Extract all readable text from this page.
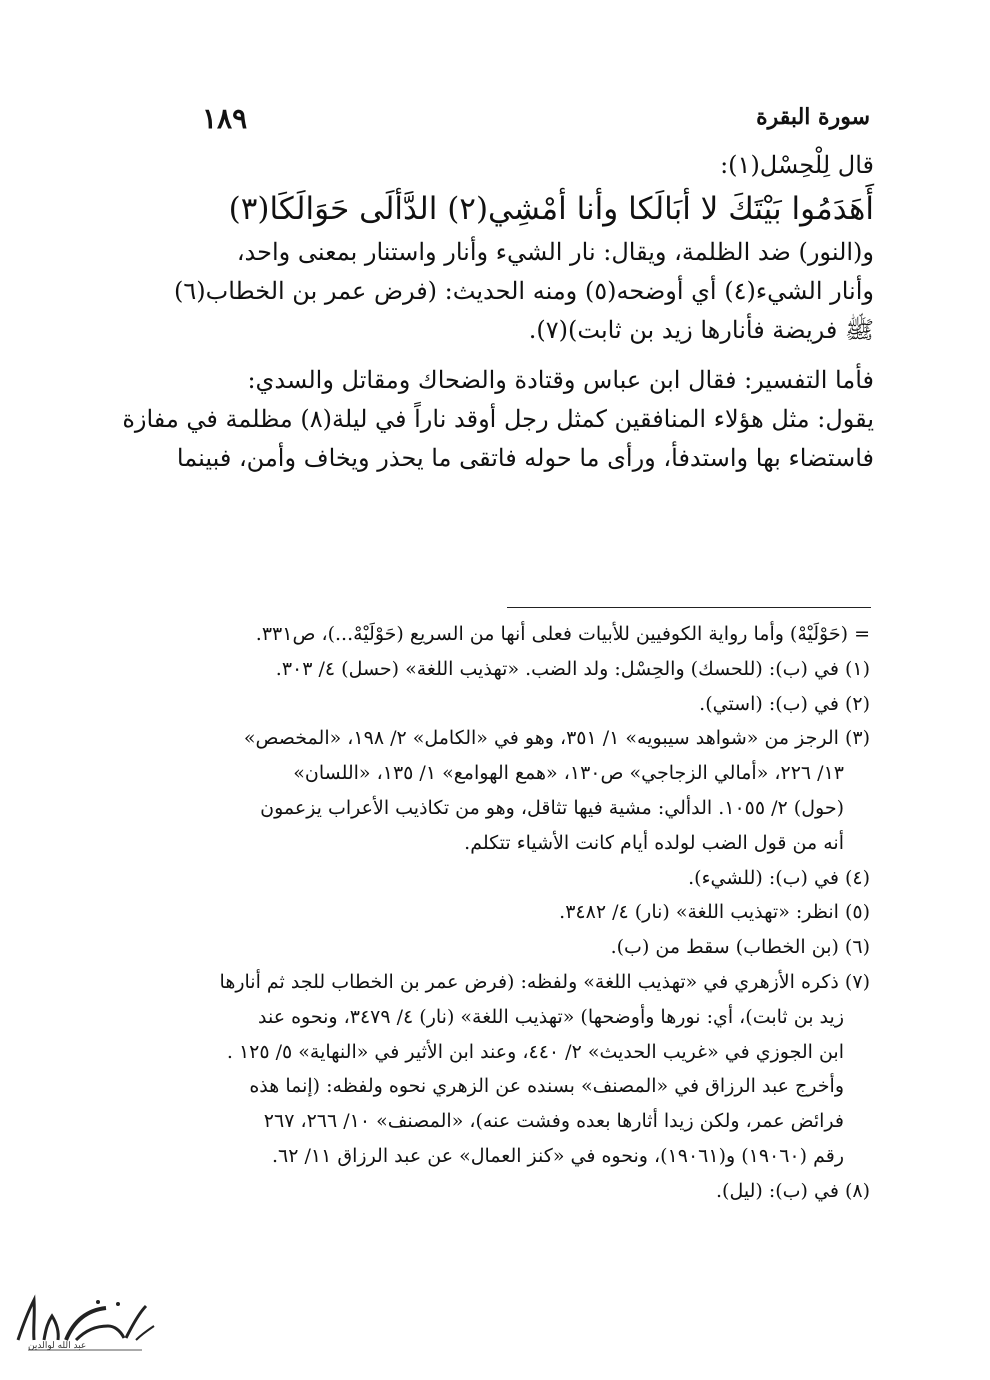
سورة البقرة
١٨٩
قال لِلْحِسْل(١):
أَهَدَمُوا بَيْتَكَ لا أبَالَكا وأنا أمْشِي(٢) الدَّألَى حَوَالَكَا(٣)
و(النور) ضد الظلمة، ويقال: نار الشيء وأنار واستنار بمعنى واحد،
وأنار الشيء(٤) أي أوضحه(٥) ومنه الحديث: (فرض عمر بن الخطاب(٦)
ﷺ فريضة فأنارها زيد بن ثابت)(٧).
فأما التفسير: فقال ابن عباس وقتادة والضحاك ومقاتل والسدي:
يقول: مثل هؤلاء المنافقين كمثل رجل أوقد ناراً في ليلة(٨) مظلمة في مفازة
فاستضاء بها واستدفأ، ورأى ما حوله فاتقى ما يحذر ويخاف وأمن، فبينما
= (حَوْلَيْهْ) وأما رواية الكوفيين للأبيات فعلى أنها من السريع (حَوْلَيْهْ...)، ص٣٣١.
(١) في (ب): (للحسك) والحِسْل: ولد الضب. «تهذيب اللغة» (حسل) ٤/ ٣٠٣.
(٢) في (ب): (استي).
(٣) الرجز من «شواهد سيبويه» ١/ ٣٥١، وهو في «الكامل» ٢/ ١٩٨، «المخصص»
١٣/ ٢٢٦، «أمالي الزجاجي» ص١٣٠، «همع الهوامع» ١/ ١٣٥، «اللسان»
(حول) ٢/ ١٠٥٥. الدألي: مشية فيها تثاقل، وهو من تكاذيب الأعراب يزعمون
أنه من قول الضب لولده أيام كانت الأشياء تتكلم.
(٤) في (ب): (للشيء).
(٥) انظر: «تهذيب اللغة» (نار) ٤/ ٣٤٨٢.
(٦) (بن الخطاب) سقط من (ب).
(٧) ذكره الأزهري في «تهذيب اللغة» ولفظه: (فرض عمر بن الخطاب للجد ثم أنارها
زيد بن ثابت)، أي: نورها وأوضحها) «تهذيب اللغة» (نار) ٤/ ٣٤٧٩، ونحوه عند
ابن الجوزي في «غريب الحديث» ٢/ ٤٤٠، وعند ابن الأثير في «النهاية» ٥/ ١٢٥ .
وأخرج عبد الرزاق في «المصنف» بسنده عن الزهري نحوه ولفظه: (إنما هذه
فرائض عمر، ولكن زيدا أثارها بعده وفشت عنه)، «المصنف» ١٠/ ٢٦٦، ٢٦٧
رقم (١٩٠٦٠) و(١٩٠٦١)، ونحوه في «كنز العمال» عن عبد الرزاق ١١/ ٦٢.
(٨) في (ب): (ليل).
عبد الله لوالدين
